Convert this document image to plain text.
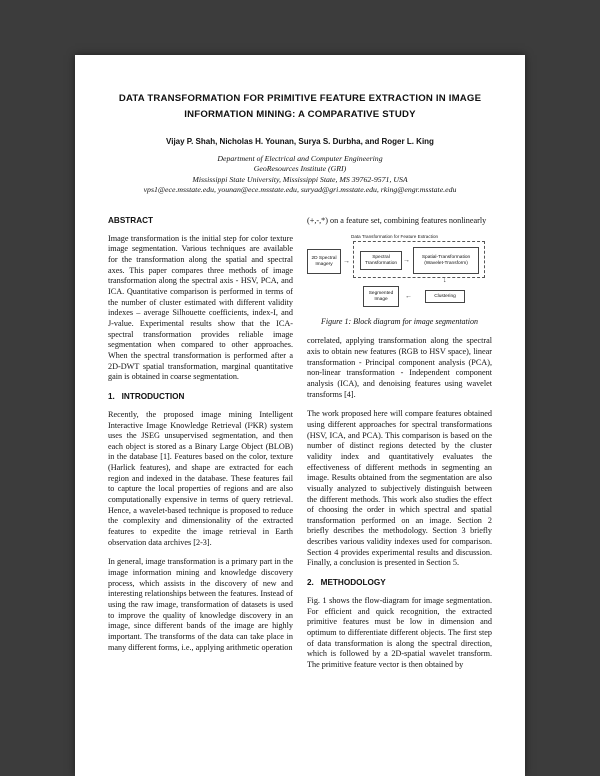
DATA TRANSFORMATION FOR PRIMITIVE FEATURE EXTRACTION IN IMAGE INFORMATION MINING: A COMPARATIVE STUDY
Vijay P. Shah, Nicholas H. Younan, Surya S. Durbha, and Roger L. King
Department of Electrical and Computer Engineering
GeoResources Institute (GRI)
Mississippi State University, Mississippi State, MS 39762-9571, USA
vps1@ece.msstate.edu, younan@ece.msstate.edu, suryad@gri.msstate.edu, rking@engr.msstate.edu
ABSTRACT

Image transformation is the initial step for color texture image segmentation. Various techniques are available for the transformation along the spatial and spectral axes. This paper compares three methods of image transformation along the spectral axis - HSV, PCA, and ICA. Quantitative comparison is performed in terms of the number of cluster estimated with different validity indexes – average Silhouette coefficients, index-I, and J-value. Experimental results show that the ICA-spectral transformation provides reliable image segmentation when compared to other approaches. When the spectral transformation is performed after a 2D-DWT spatial transformation, marginal quantitative gain is obtained in coarse segmentation.

1.   INTRODUCTION

Recently, the proposed image mining Intelligent Interactive Image Knowledge Retrieval (I²KR) system uses the JSEG unsupervised segmentation, and then each object is stored as a Binary Large Object (BLOB) in the database [1]. Features based on the color, texture (Harlick features), and shape are extracted for each region and indexed in the database. These features fail to capture the local properties of regions and are also computationally expensive in terms of query retrieval. Hence, a wavelet-based technique is proposed to reduce the complexity and dimensionality of the extracted features to expedite the image retrieval in Earth observation data archives [2-3].

In general, image transformation is a primary part in the image information mining and knowledge discovery process, which assists in the discovery of new and interesting relationships between the features. Instead of using the raw image, transformation of datasets is used to improve the quality of knowledge discovery in an image, since different bands of the image are highly important. The transforms of the data can take place in many different forms, i.e., applying arithmetic operation

(+,-,*) on a feature set, combining features nonlinearly

Data Transformation for Feature Extraction
2D Spectral Imagery	→
Spectral Transformation →	Spatial-Transformation (Wavelet-Transform)
↓
Clustering
←
Segmented Image
Figure 1: Block diagram for image segmentation

correlated, applying transformation along the spectral axis to obtain new features (RGB to HSV space), linear transformation - Principal component analysis (PCA), non-linear transformation - Independent component analysis (ICA), and denoising features using wavelet transforms [4].

The work proposed here will compare features obtained using different approaches for spectral transformations (HSV, ICA, and PCA). This comparison is based on the number of distinct regions detected by the cluster validity index and quantitatively evaluates the effectiveness of different methods in segmenting an image. Results obtained from the segmentation are also visually analyzed to subjectively distinguish between the different methods. This work also studies the effect of choosing the order in which spectral and spatial transformation performed on an image. Section 2 briefly describes the methodology. Section 3 briefly describes various validity indexes used for comparison. Section 4 provides experimental results and discussion. Finally, a conclusion is presented in Section 5.

2.   METHODOLOGY

Fig. 1 shows the flow-diagram for image segmentation. For efficient and quick recognition, the extracted primitive features must be low in dimension and optimum to differentiate different objects. The first step of data transformation is along the spectral direction, which is followed by a 2D-spatial wavelet transform. The primitive feature vector is then obtained by
